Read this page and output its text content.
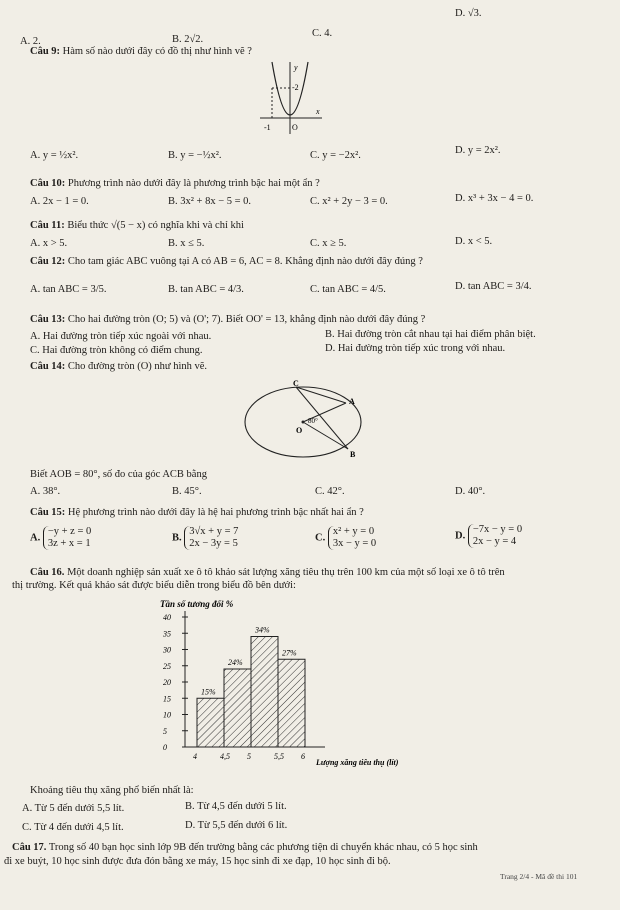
A. 2.	B. 2√2.
C. 4.
D. √3.
Câu 9: Hàm số nào dưới đây có đồ thị như hình vẽ ?
y
x
-2
-1	O
A. y = ½x².	B. y = −½x².	C. y = −2x².	D. y = 2x².
Câu 10: Phương trình nào dưới đây là phương trình bậc hai một ẩn ?
A. 2x − 1 = 0.	B. 3x² + 8x − 5 = 0.	C. x² + 2y − 3 = 0.	D. x³ + 3x − 4 = 0.
Câu 11: Biểu thức √(5 − x) có nghĩa khi và chỉ khi
A. x > 5.	B. x ≤ 5.	C. x ≥ 5.	D. x < 5.
Câu 12: Cho tam giác ABC vuông tại A có AB = 6, AC = 8. Khẳng định nào dưới đây đúng ?
A. tan ABC = 3/5.	B. tan ABC = 4/3.	C. tan ABC = 4/5.	D. tan ABC = 3/4.
Câu 13: Cho hai đường tròn (O; 5) và (O'; 7). Biết OO' = 13, khẳng định nào dưới đây đúng ?
A. Hai đường tròn tiếp xúc ngoài với nhau.	B. Hai đường tròn cắt nhau tại hai điểm phân biệt.
C. Hai đường tròn không có điểm chung.	D. Hai đường tròn tiếp xúc trong với nhau.
Câu 14: Cho đường tròn (O) như hình vẽ.
C
A
B
O
80°
Biết AOB = 80°, số đo của góc ACB bằng
A. 38°.	B. 45°.	C. 42°.	D. 40°.
Câu 15: Hệ phương trình nào dưới đây là hệ hai phương trình bậc nhất hai ẩn ?
A. −y + z = 0
3z + x = 1
B. 3√x + y = 7
2x − 3y = 5
C. x² + y = 0
3x − y = 0
D. −7x − y = 0
2x − y = 4
Câu 16. Một doanh nghiệp sản xuất xe ô tô khảo sát lượng xăng tiêu thụ trên 100 km của một số loại xe ô tô trên
thị trường. Kết quả khảo sát được biểu diễn trong biểu đồ bên dưới:
Tần số tương đối %
0
5
10
15
20
25
30
35
40
4	4,5 5	5,5 6
15%
24%
34%
27%
Lượng xăng tiêu thụ (lít)
Khoảng tiêu thụ xăng phổ biến nhất là:
A. Từ 5 đến dưới 5,5 lít.	B. Từ 4,5 đến dưới 5 lít.
C. Từ 4 đến dưới 4,5 lít.	D. Từ 5,5 đến dưới 6 lít.
Câu 17. Trong số 40 bạn học sinh lớp 9B đến trường bằng các phương tiện di chuyển khác nhau, có 5 học sinh
đi xe buýt, 10 học sinh được đưa đón bằng xe máy, 15 học sinh đi xe đạp, 10 học sinh đi bộ.
Trang 2/4 - Mã đề thi 101
